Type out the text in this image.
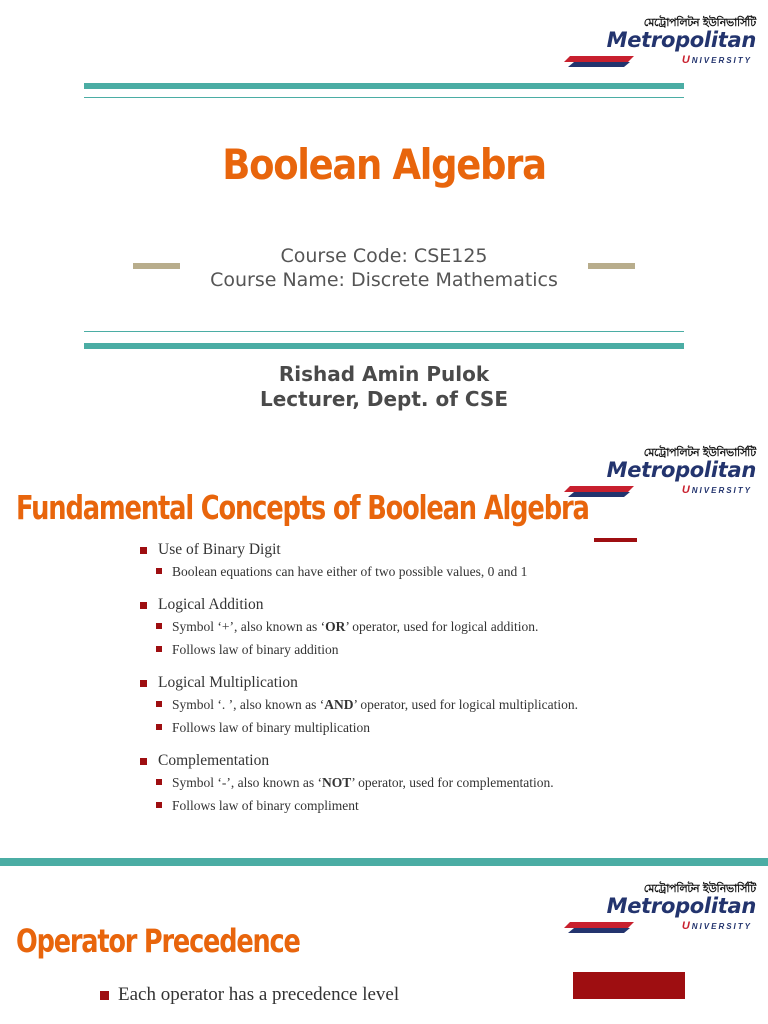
মেট্রোপলিটন ইউনিভার্সিটি
Metropolitan
UNIVERSITY
Boolean Algebra
Course Code: CSE125
Course Name: Discrete Mathematics
Rishad Amin Pulok
Lecturer, Dept. of CSE
মেট্রোপলিটন ইউনিভার্সিটি
Metropolitan
UNIVERSITY
Fundamental Concepts of Boolean Algebra
Use of Binary Digit
Boolean equations can have either of two possible values, 0 and 1
Logical Addition
Symbol ‘+’, also known as ‘OR’ operator, used for logical addition.
Follows law of binary addition
Logical Multiplication
Symbol ‘. ’, also known as ‘AND’ operator, used for logical multiplication.
Follows law of binary multiplication
Complementation
Symbol ‘-’, also known as ‘NOT’ operator, used for complementation.
Follows law of binary compliment
মেট্রোপলিটন ইউনিভার্সিটি
Metropolitan
UNIVERSITY
Operator Precedence
Each operator has a precedence level
